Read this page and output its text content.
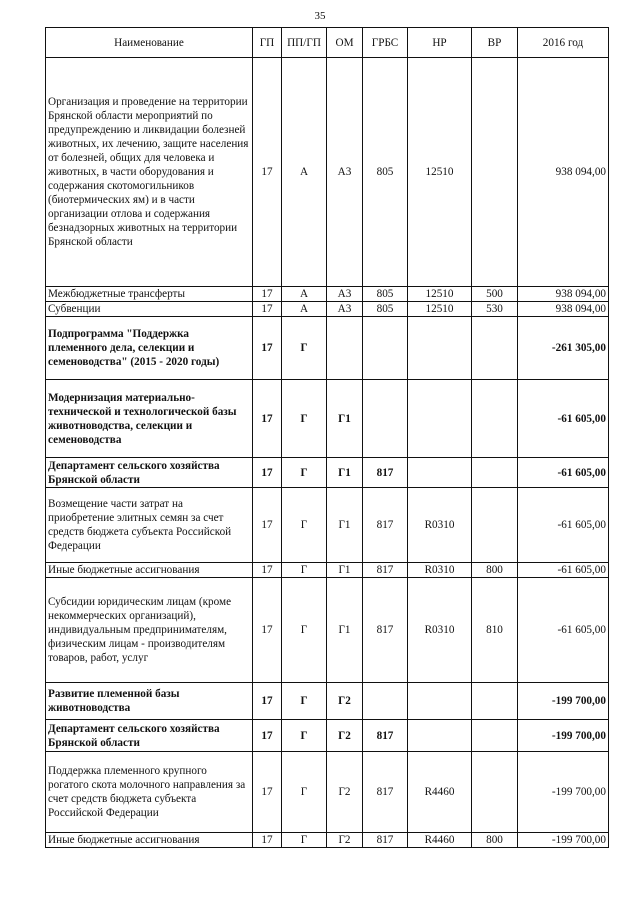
35
Наименование	ГП	ПП/ГП	ОМ	ГРБС	НР	ВР	2016 год
Организация и проведение на территории Брянской области мероприятий по предупреждению и ликвидации болезней животных, их лечению, защите населения от болезней, общих для человека и животных, в части оборудования и содержания скотомогильников (биотермических ям) и в части организации отлова и содержания безнадзорных животных на территории Брянской области	17	А	А3	805	12510		938 094,00
Межбюджетные трансферты	17	А	А3	805	12510	500	938 094,00
Субвенции	17	А	А3	805	12510	530	938 094,00
Подпрограмма "Поддержка племенного дела, селекции и семеноводства" (2015 - 2020 годы)	17	Г					-261 305,00
Модернизация материально-технической и технологической базы животноводства, селекции и семеноводства	17	Г	Г1				-61 605,00
Департамент сельского хозяйства Брянской области	17	Г	Г1	817			-61 605,00
Возмещение части затрат на приобретение элитных семян за счет средств бюджета субъекта Российской Федерации	17	Г	Г1	817	R0310		-61 605,00
Иные бюджетные ассигнования	17	Г	Г1	817	R0310	800	-61 605,00
Субсидии юридическим лицам (кроме некоммерческих организаций), индивидуальным предпринимателям, физическим лицам - производителям товаров, работ, услуг	17	Г	Г1	817	R0310	810	-61 605,00
Развитие племенной базы животноводства	17	Г	Г2				-199 700,00
Департамент сельского хозяйства Брянской области	17	Г	Г2	817			-199 700,00
Поддержка племенного крупного рогатого скота молочного направления за счет средств бюджета субъекта Российской Федерации	17	Г	Г2	817	R4460		-199 700,00
Иные бюджетные ассигнования	17	Г	Г2	817	R4460	800	-199 700,00
